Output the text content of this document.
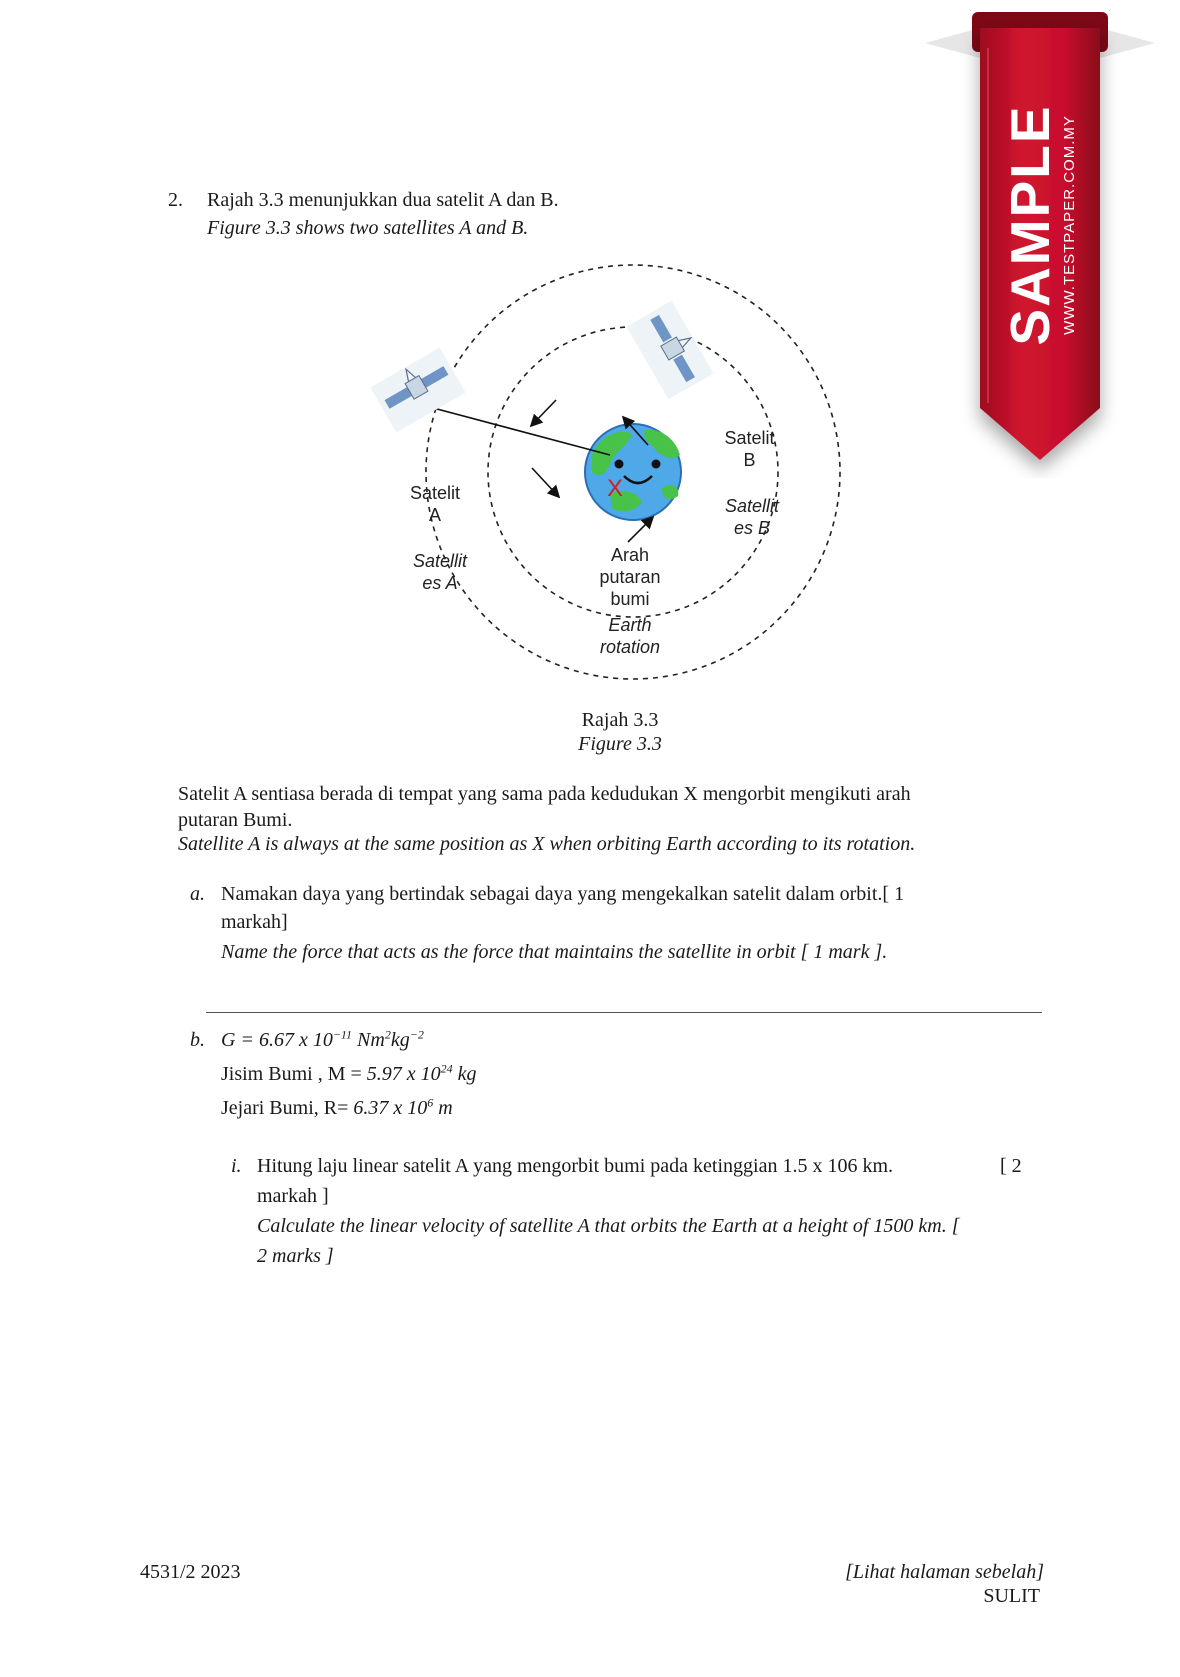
SAMPLE WWW.TESTPAPER.COM.MY
2. Rajah 3.3 menunjukkan dua satelit A dan B.
Figure 3.3 shows two satellites A and B.
X
Satelit
A
Satellit
es A
Satelit
B
Satellit
es B
Arah
putaran
bumi
Earth
rotation
Rajah 3.3
Figure 3.3
Satelit A sentiasa berada di tempat yang sama pada kedudukan X mengorbit mengikuti arah
putaran Bumi.
Satellite A is always at the same position as X when orbiting Earth according to its rotation.
a. Namakan daya yang bertindak sebagai daya yang mengekalkan satelit dalam orbit.[ 1
markah]
Name the force that acts as the force that maintains the satellite in orbit [ 1 mark ].
b. G = 6.67 x $10^{-11}$ $Nm^2kg^{-2}$
Jisim Bumi , M = 5.97 x $10^{24}$ kg
Jejari Bumi, R= 6.37 x $10^6$ m
i. Hitung laju linear satelit A yang mengorbit bumi pada ketinggian 1.5 x 106 km.	[ 2
markah ]
Calculate the linear velocity of satellite A that orbits the Earth at a height of 1500 km. [
2 marks ]
4531/2 2023	[Lihat halaman sebelah]
SULIT
